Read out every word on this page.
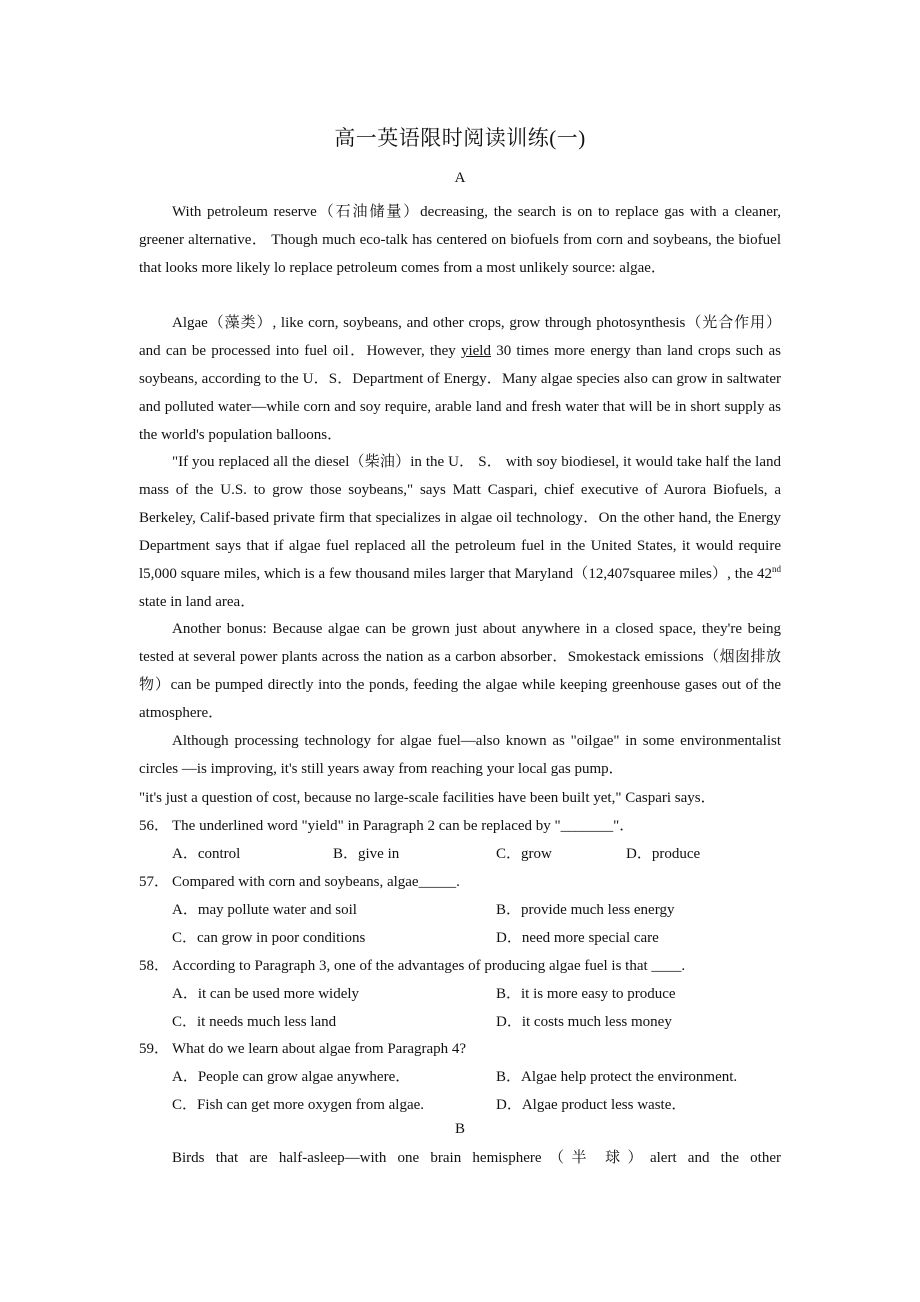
高一英语限时阅读训练(一)
A

With petroleum reserve（石油储量）decreasing, the search is on to replace gas with a cleaner, greener alternative． Though much eco-talk has centered on biofuels from corn and soybeans, the biofuel that looks more likely lo replace petroleum comes from a most unlikely source: algae．

Algae（藻类）, like corn, soybeans, and other crops, grow through photosynthesis（光合作用）and can be processed into fuel oil．However, they yield 30 times more energy than land crops such as soybeans, according to the U．S．Department of Energy．Many algae species also can grow in saltwater and polluted water—while corn and soy require, arable land and fresh water that will be in short supply as the world's population balloons．

"If you replaced all the diesel（柴油）in the U． S． with soy biodiesel, it would take half the land mass of the U.S. to grow those soybeans," says Matt Caspari, chief executive of Aurora Biofuels, a Berkeley, Calif-based private firm that specializes in algae oil technology．On the other hand, the Energy Department says that if algae fuel replaced all the petroleum fuel in the United States, it would require l5,000 square miles, which is a few thousand miles larger that Maryland（12,407squaree miles）, the 42nd state in land area．

Another bonus: Because algae can be grown just about anywhere in a closed space, they're being tested at several power plants across the nation as a carbon absorber．Smokestack emissions（烟囱排放物）can be pumped directly into the ponds, feeding the algae while keeping greenhouse gases out of the atmosphere．

Although processing technology for algae fuel—also known as "oilgae" in some environmentalist circles —is improving, it's still years away from reaching your local gas pump．

"it's just a question of cost, because no large-scale facilities have been built yet," Caspari says．
56． The underlined word "yield" in Paragraph 2 can be replaced by "_______"．
A．control	B．give in	C．grow	D．produce
57． Compared with corn and soybeans, algae_____.
A．may pollute water and soil	B．provide much less energy
C．can grow in poor conditions	D．need more special care
58． According to Paragraph 3, one of the advantages of producing algae fuel is that ____.
A．it can be used more widely	B．it is more easy to produce
C．it needs much less land	D．it costs much less money
59． What do we learn about algae from Paragraph 4?
A．People can grow algae anywhere．	B．Algae help protect the environment.
C．Fish can get more oxygen from algae.	D．Algae product less waste．
B

Birds that are half-asleep—with one brain hemisphere（半 球）alert and the other
